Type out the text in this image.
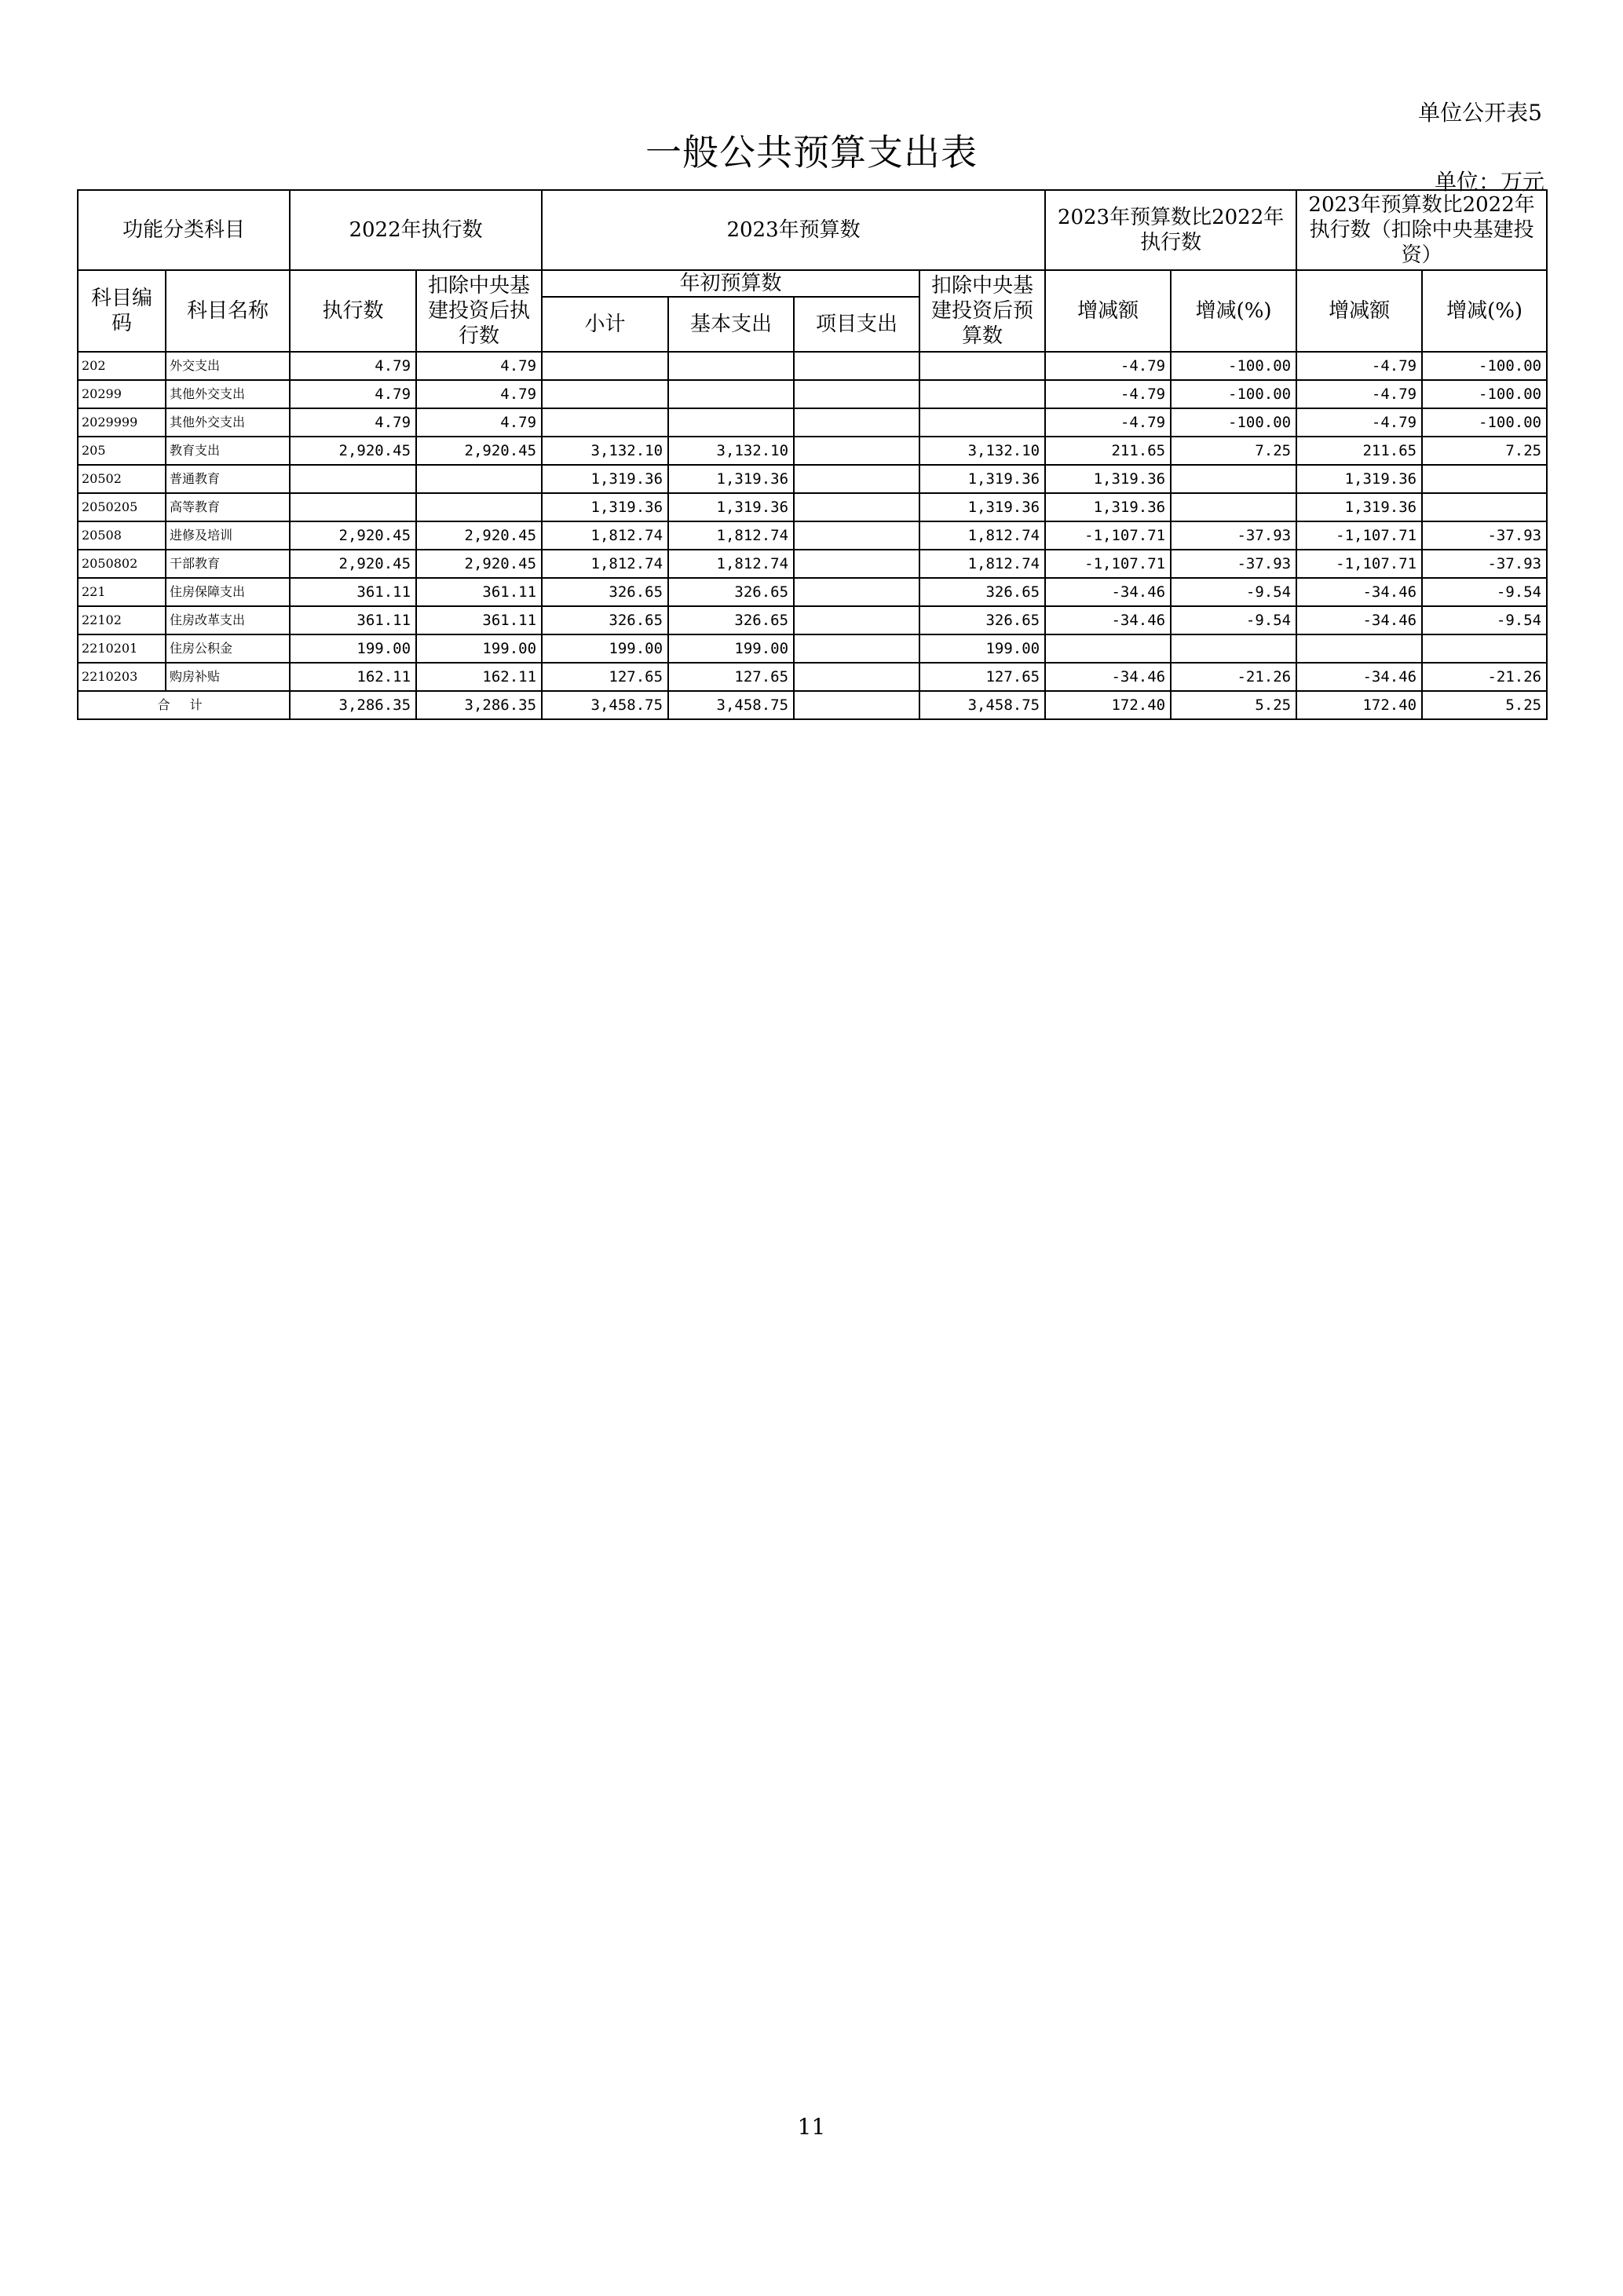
单位公开表5
一般公共预算支出表
单位：万元
功能分类科目		2022年执行数		2023年预算数				2023年预算数比2022年执行数		2023年预算数比2022年执行数（扣除中央基建投资）	
科目编码	科目名称	执行数	扣除中央基建投资后执行数	年初预算数			扣除中央基建投资后预算数	增减额	增减(%)	增减额	增减(%)
				小计	基本支出	项目支出					
202	外交支出	4.79	4.79					-4.79	-100.00	-4.79	-100.00
20299	其他外交支出	4.79	4.79					-4.79	-100.00	-4.79	-100.00
2029999	其他外交支出	4.79	4.79					-4.79	-100.00	-4.79	-100.00
205	教育支出	2,920.45	2,920.45	3,132.10	3,132.10		3,132.10	211.65	7.25	211.65	7.25
20502	普通教育			1,319.36	1,319.36		1,319.36	1,319.36		1,319.36	
2050205	高等教育			1,319.36	1,319.36		1,319.36	1,319.36		1,319.36	
20508	进修及培训	2,920.45	2,920.45	1,812.74	1,812.74		1,812.74	-1,107.71	-37.93	-1,107.71	-37.93
2050802	干部教育	2,920.45	2,920.45	1,812.74	1,812.74		1,812.74	-1,107.71	-37.93	-1,107.71	-37.93
221	住房保障支出	361.11	361.11	326.65	326.65		326.65	-34.46	-9.54	-34.46	-9.54
22102	住房改革支出	361.11	361.11	326.65	326.65		326.65	-34.46	-9.54	-34.46	-9.54
2210201	住房公积金	199.00	199.00	199.00	199.00		199.00				
2210203	购房补贴	162.11	162.11	127.65	127.65		127.65	-34.46	-21.26	-34.46	-21.26
合 计		3,286.35	3,286.35	3,458.75	3,458.75		3,458.75	172.40	5.25	172.40	5.25
11
